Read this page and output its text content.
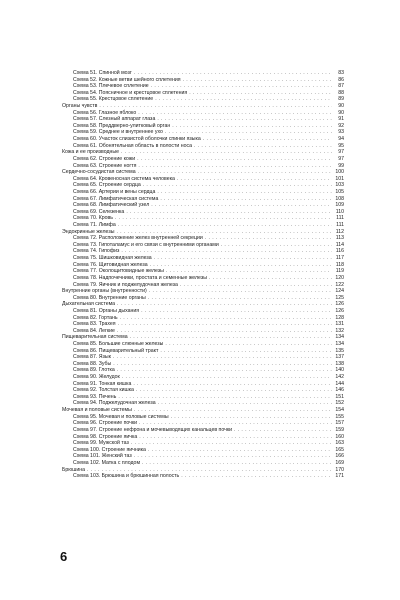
Схема 51. Спинной мозг . . .	83
Схема 52. Кожные ветви шейного сплетения . . .	86
Схема 53. Плечевое сплетение . . .	87
Схема 54. Поясничное и крестцовое сплетения . . .	88
Схема 55. Крестцовое сплетение . . .	89
Органы чувств . . .	90
Схема 56. Глазное яблоко . . .	90
Схема 57. Слезный аппарат глаза . . .	91
Схема 58. Преддверно-улитковый орган . . .	92
Схема 59. Среднее и внутреннее ухо . . .	93
Схема 60. Участок слизистой оболочки спинки языка . . .	94
Схема 61. Обонятельная область в полости носа . . .	95
Кожа и ее производные . . .	97
Схема 62. Строение кожи . . .	97
Схема 63. Строение ногтя . . .	99
Сердечно-сосудистая система . . .	100
Схема 64. Кровеносная система человека . . .	101
Схема 65. Строение сердца . . .	103
Схема 66. Артерии и вены сердца . . .	105
Схема 67. Лимфатическая система . . .	108
Схема 68. Лимфатический узел . . .	109
Схема 69. Селезенка . . .	110
Схема 70. Кровь . . .	111
Схема 71. Лимфа . . .	111
Эндокринные железы . . .	112
Схема 72. Расположение желез внутренней секреции . . .	113
Схема 73. Гипоталамус и его связи с внутренними органами . . .	114
Схема 74. Гипофиз . . .	116
Схема 75. Шишковидная железа . . .	117
Схема 76. Щитовидная железа . . .	118
Схема 77. Околощитовидные железы . . .	119
Схема 78. Надпочечники, простата и семенные железы . . .	120
Схема 79. Яичник и поджелудочная железа . . .	122
Внутренние органы (внутренности) . . .	124
Схема 80. Внутренние органы . . .	125
Дыхательная система . . .	126
Схема 81. Органы дыхания . . .	126
Схема 82. Гортань . . .	128
Схема 83. Трахея . . .	131
Схема 84. Легкие . . .	132
Пищеварительная система . . .	134
Схема 85. Большие слюнные железы . . .	134
Схема 86. Пищеварительный тракт . . .	135
Схема 87. Язык . . .	137
Схема 88. Зубы . . .	138
Схема 89. Глотка . . .	140
Схема 90. Желудок . . .	142
Схема 91. Тонкая кишка . . .	144
Схема 92. Толстая кишка . . .	146
Схема 93. Печень . . .	151
Схема 94. Поджелудочная железа . . .	152
Мочевая и половые системы . . .	154
Схема 95. Мочевая и половые системы . . .	155
Схема 96. Строение почки . . .	157
Схема 97. Строение нефрона и мочевыводящих канальцев почки . . .	159
Схема 98. Строение яичка . . .	160
Схема 99. Мужской таз . . .	163
Схема 100. Строение яичника . . .	165
Схема 101. Женский таз . . .	166
Схема 102. Матка с плодом . . .	169
Брюшина . . .	170
Схема 103. Брюшина и брюшинная полость . . .	171
6
